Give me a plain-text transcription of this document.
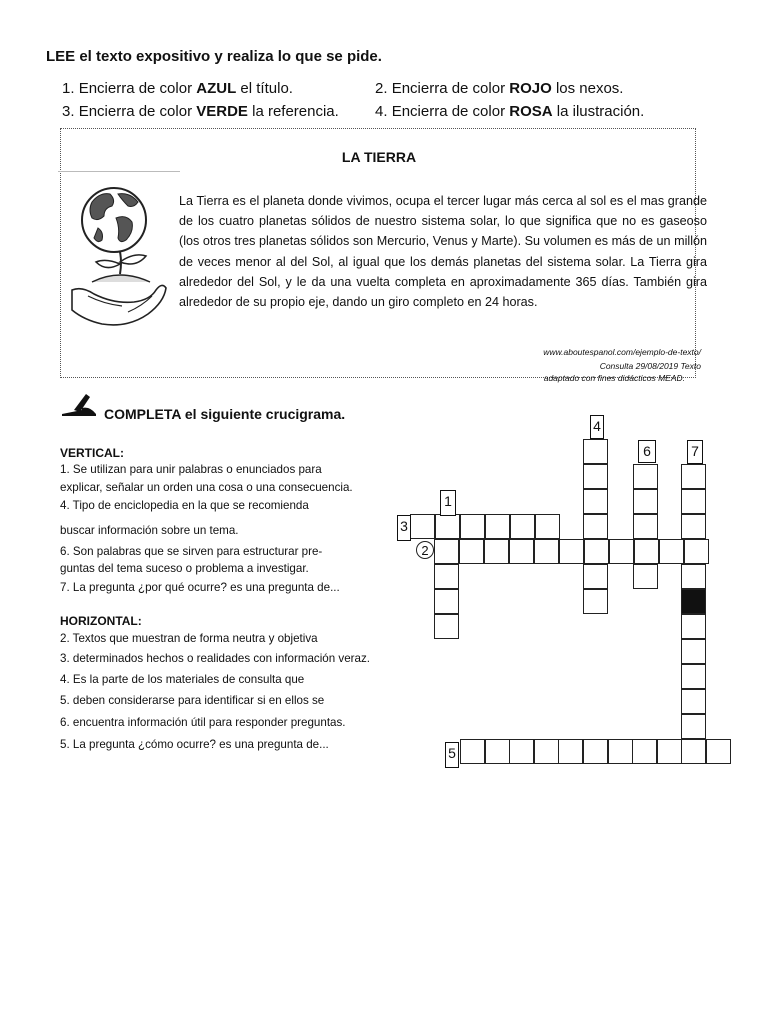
LEE el texto expositivo y realiza lo que se pide.
1. Encierra de color AZUL el título.	2. Encierra de color ROJO los nexos.
3. Encierra de color VERDE la referencia. 4. Encierra de color ROSA la ilustración.
LA TIERRA
La Tierra es el planeta donde vivimos, ocupa el tercer lugar más cerca al sol es el mas grande de los cuatro planetas sólidos de nuestro sistema solar, lo que significa que no es gaseoso (los otros tres planetas sólidos son Mercurio, Venus y Marte). Su volumen es más de un millón de veces menor al del Sol, al igual que los demás planetas del sistema solar. La Tierra gira alrededor del Sol, y le da una vuelta completa en aproximadamente 365 días. También gira alrededor de su propio eje, dando un giro completo en 24 horas.
www.aboutespanol.com/ejemplo-de-texto/
Consulta 29/08/2019 Texto
adaptado con fines didácticos MEAD.
COMPLETA el siguiente crucigrama.
VERTICAL:
1. Se utilizan para unir palabras o enunciados para
explicar, señalar un orden una cosa o una consecuencia.
4. Tipo de enciclopedia en la que se recomienda
buscar información sobre un tema.
6. Son palabras que se sirven para estructurar pre-
guntas del tema suceso o problema a investigar.
7. La pregunta ¿por qué ocurre? es una pregunta de...
HORIZONTAL:
2. Textos que muestran de forma neutra y objetiva
3. determinados hechos o realidades con información veraz.
4. Es la parte de los materiales de consulta que
5. deben considerarse para identificar si en ellos se
6. encuentra información útil para responder preguntas.
5. La pregunta ¿cómo ocurre? es una pregunta de...
1
2
3
4
5
6	7
